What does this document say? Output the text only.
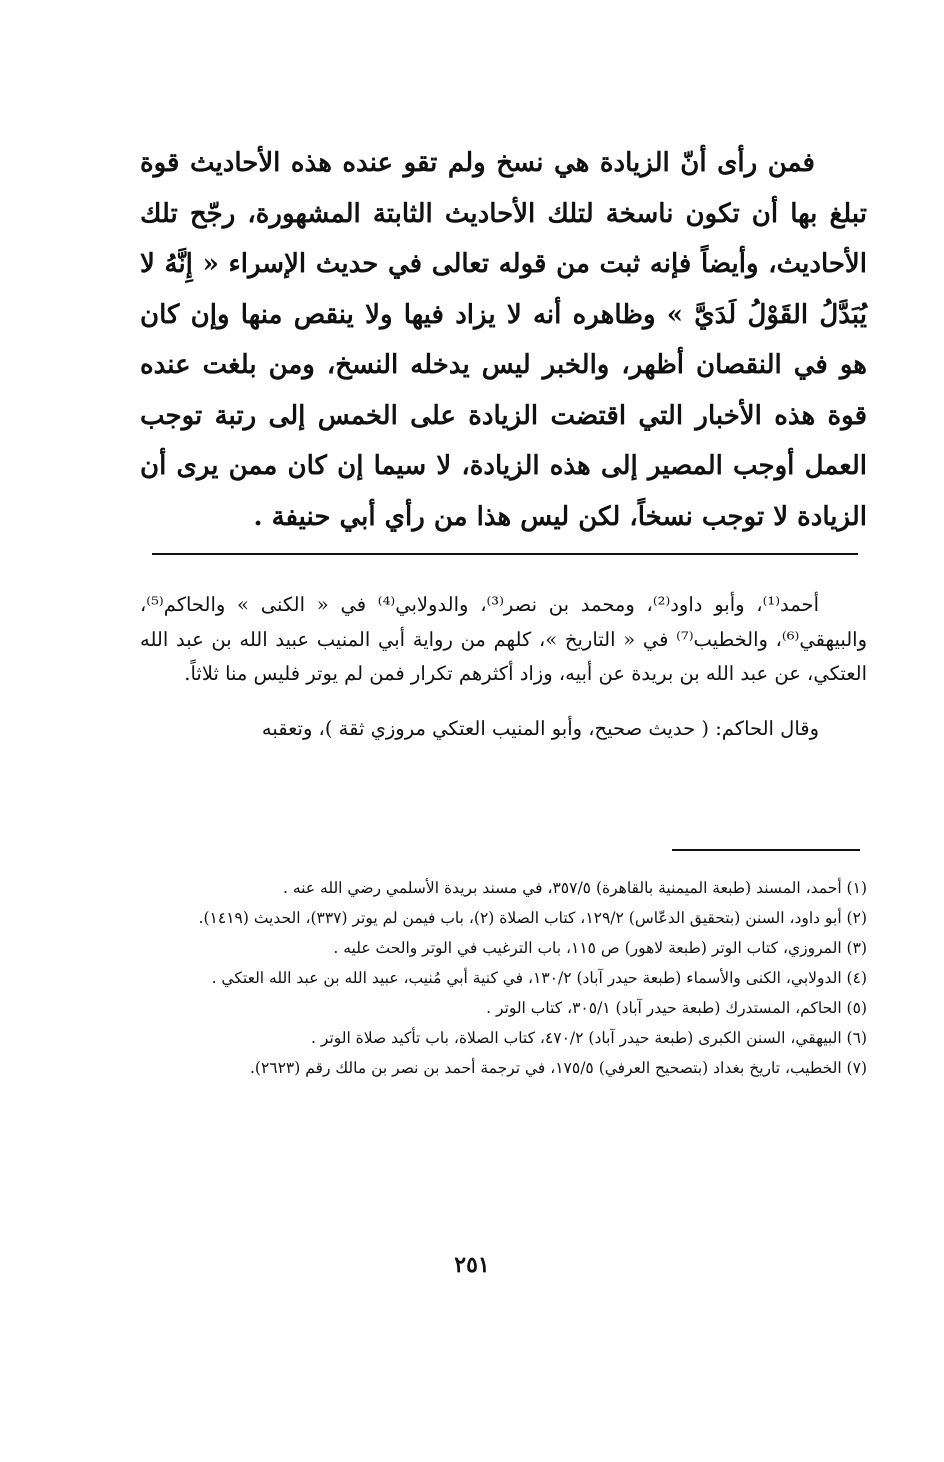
فمن رأى أنّ الزيادة هي نسخ ولم تقو عنده هذه الأحاديث قوة تبلغ بها أن تكون ناسخة لتلك الأحاديث الثابتة المشهورة، رجّح تلك الأحاديث، وأيضاً فإنه ثبت من قوله تعالى في حديث الإسراء « إِنَّهُ لا يُبَدَّلُ القَوْلُ لَدَيَّ » وظاهره أنه لا يزاد فيها ولا ينقص منها وإن كان هو في النقصان أظهر، والخبر ليس يدخله النسخ، ومن بلغت عنده قوة هذه الأخبار التي اقتضت الزيادة على الخمس إلى رتبة توجب العمل أوجب المصير إلى هذه الزيادة، لا سيما إن كان ممن يرى أن الزيادة لا توجب نسخاً، لكن ليس هذا من رأي أبي حنيفة .

أحمد⁽¹⁾، وأبو داود⁽²⁾، ومحمد بن نصر⁽³⁾، والدولابي⁽⁴⁾ في « الكنى » والحاكم⁽⁵⁾، والبيهقي⁽⁶⁾، والخطيب⁽⁷⁾ في « التاريخ »، كلهم من رواية أبي المنيب عبيد الله بن عبد الله العتكي، عن عبد الله بن بريدة عن أبيه، وزاد أكثرهم تكرار فمن لم يوتر فليس منا ثلاثاً.

وقال الحاكم: ( حديث صحيح، وأبو المنيب العتكي مروزي ثقة )، وتعقبه

(١) أحمد، المسند (طبعة الميمنية بالقاهرة) ٣٥٧/٥، في مسند بريدة الأسلمي رضي الله عنه .

(٢) أبو داود، السنن (بتحقيق الدعّاس) ١٢٩/٢، كتاب الصلاة (٢)، باب فيمن لم يوتر (٣٣٧)، الحديث (١٤١٩).

(٣) المروزي، كتاب الوتر (طبعة لاهور) ص ١١٥، باب الترغيب في الوتر والحث عليه .

(٤) الدولابي، الكنى والأسماء (طبعة حيدر آباد) ١٣٠/٢، في كنية أبي مُنيب، عبيد الله بن عبد الله العتكي .

(٥) الحاكم، المستدرك (طبعة حيدر آباد) ٣٠٥/١، كتاب الوتر .

(٦) البيهقي، السنن الكبرى (طبعة حيدر آباد) ٤٧٠/٢، كتاب الصلاة، باب تأكيد صلاة الوتر .

(٧) الخطيب، تاريخ بغداد (بتصحيح العرفي) ١٧٥/٥، في ترجمة أحمد بن نصر بن مالك رقم (٢٦٢٣).

٢٥١
